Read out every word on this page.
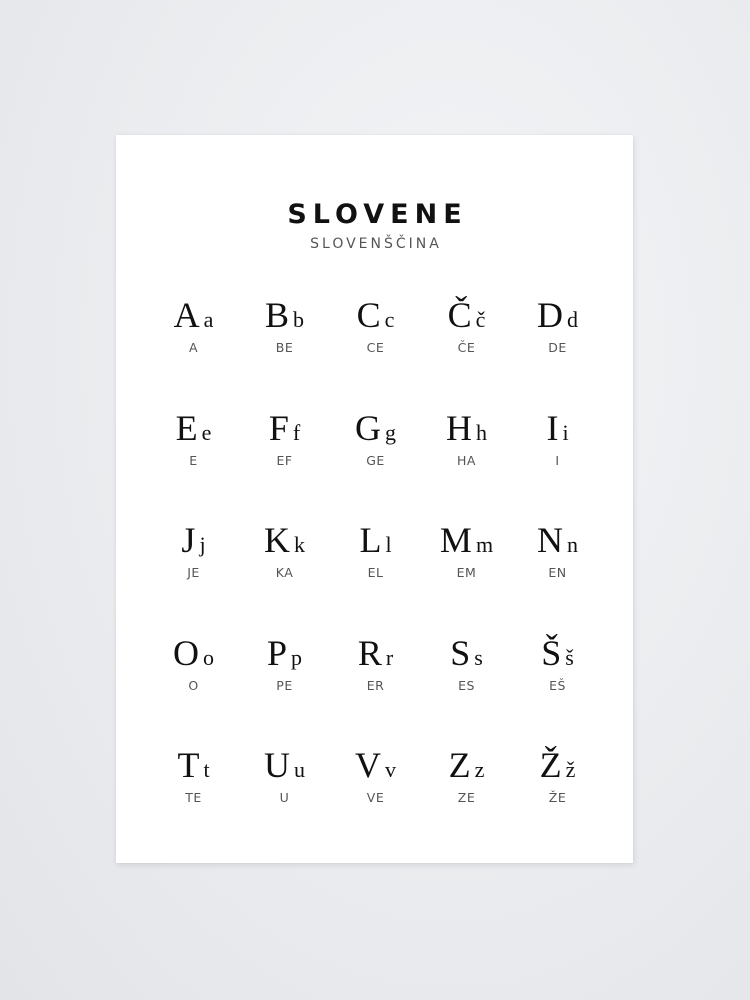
SLOVENE
SLOVENŠČINA
Aa
A
Bb
BE
Cc
CE
Čč
ČE
Dd
DE
Ee
E
Ff
EF
Gg
GE
Hh
HA
Ii
I
Jj
JE
Kk
KA
Ll
EL
Mm
EM
Nn
EN
Oo
O
Pp
PE
Rr
ER
Ss
ES
Šš
EŠ
Tt
TE
Uu
U
Vv
VE
Zz
ZE
Žž
ŽE
